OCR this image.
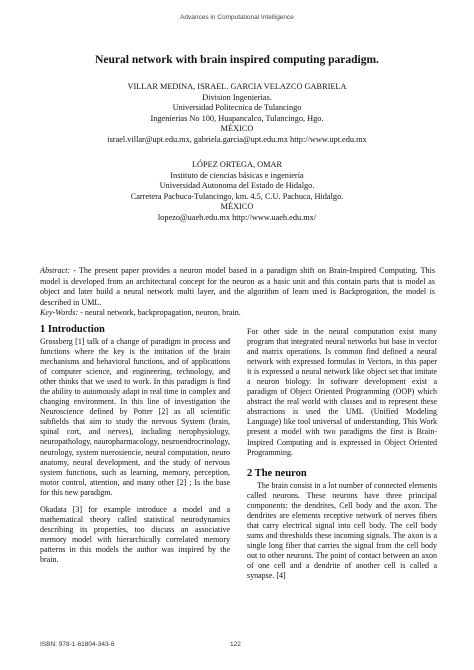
Advances in Computational Intelligence
Neural network with brain inspired computing paradigm.
VILLAR MEDINA, ISRAEL. GARCIA VELAZCO GABRIELA
Division Ingenierias.
Universidad Politecnica de Tulancingo
Ingenierias No 100, Huapancalco, Tulancingo, Hgo.
MÉXICO
israel.villar@upt.edu.mx, gabriela.garcia@upt.edu.mx http://www.upt.edu.mx
LÓPEZ ORTEGA, OMAR
Instituto de ciencias básicas e ingeniería
Universidad Autonoma del Estado de Hidalgo.
Carretera Pachuca-Tulancingo, km. 4.5, C.U. Pachuca, Hidalgo.
MÉXICO
lopezo@uaeh.edu.mx http://www.uaeh.edu.mx/
Abstract: - The present paper provides a neuron model based in a paradigm shift on Brain-Inspired Computing. This model is developed from an architectural concept for the neuron as a basic unit and this contain parts that is model as object and later build a neural network multi layer, and the algorithm of learn used is Backprogation, the model is described in UML.
Key-Words: - neural network, backpropagation, neuron, brain.
1 Introduction

Grossberg [1] talk of a change of paradigm in process and functions where the key is the imitation of the brain mechanisms and behavioral functions, and of applications of computer science, and engineering, technology, and other thinks that we used to work. In this paradigm is find the ability to automously adapt in real time in complex and changing environment. In this line of investigation the Neuroscience defined by Potter [2] as all scientific subfields that aim to study the nervous System (brain, spinal cort, and nerves), including nerophysiology, neuropathology, nauropharmacology, neuroendrocrinology, neurology, system nuerosiencie, neural computation, neuro anatomy, neural development, and the study of nervous system functions, such as learning, memory, perception, motor control, attention, and many other [2] ; Is the base for this new paradigm.

Okadata [3] for example introduce a model and a mathematical theory called statistical neurodynamics describing its properties, too discuss an associative memory model with hierarchically correlated memory patterns in this models the author was inspired by the brain.

For other side in the neural computation exist many program that integrated neural networks but base in vector and matrix operations. Is common find defined a neural network with expressed formulas in Vectors, in this paper it is expressed a neural network like object set that imitate a neuron biology. In software development exist a paradigm of Object Oriented Programming (OOP) which abstract the real world with classes and to represent these abstractions is used the UML (Unified Modeling Language) like tool universal of understanding. This Work present a model with two paradigms the first is Brain-Inspired Computing and is expressed in Object Oriented Programming.

2 The neuron

The brain consist in a lot number of connected elements called neurons. These neurons have three principal components: the dendrites, Cell body and the axon. The dendrites are elements receptive network of nerves fibers that carry electrical signal into cell body. The cell body sums and thresholds these incoming signals. The axon is a single long fiber that carries the signal from the cell body out to other neurons. The point of contact between an axon of one cell and a dendrite of another cell is called a synapse. [4]

ISBN: 978-1-61804-343-6	122
